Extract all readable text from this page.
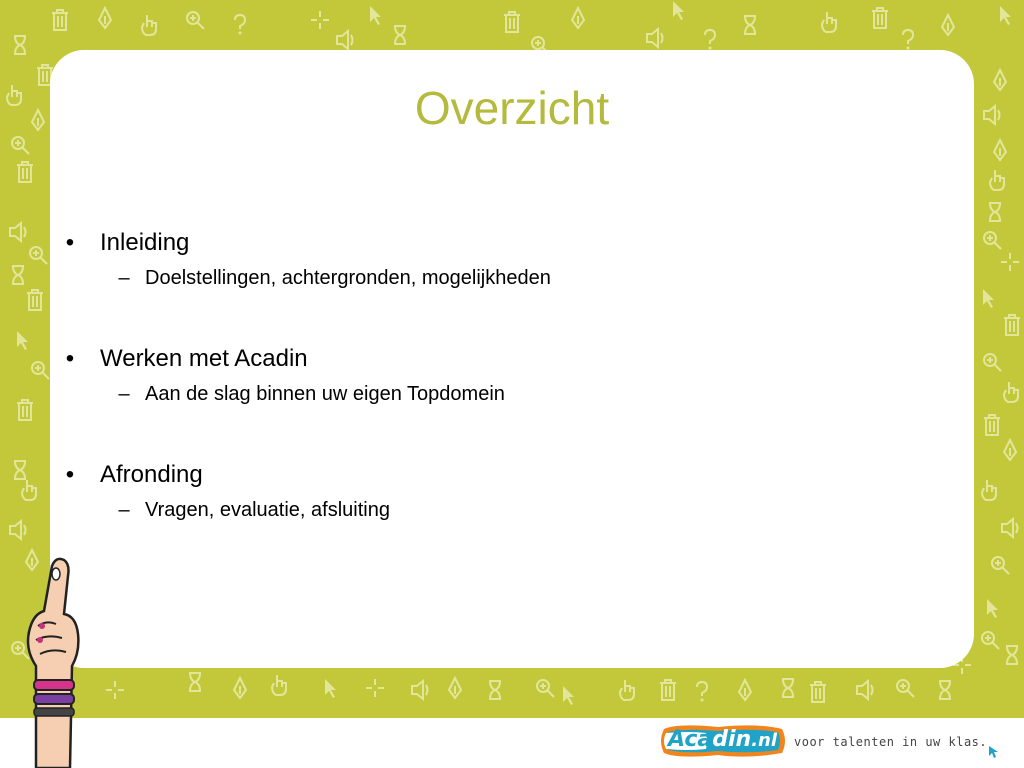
Overzicht
• Inleiding
– Doelstellingen, achtergronden, mogelijkheden
• Werken met Acadin
– Aan de slag binnen uw eigen Topdomein
• Afronding
– Vragen, evaluatie, afsluiting
Acadin.nl voor talenten in uw klas.
